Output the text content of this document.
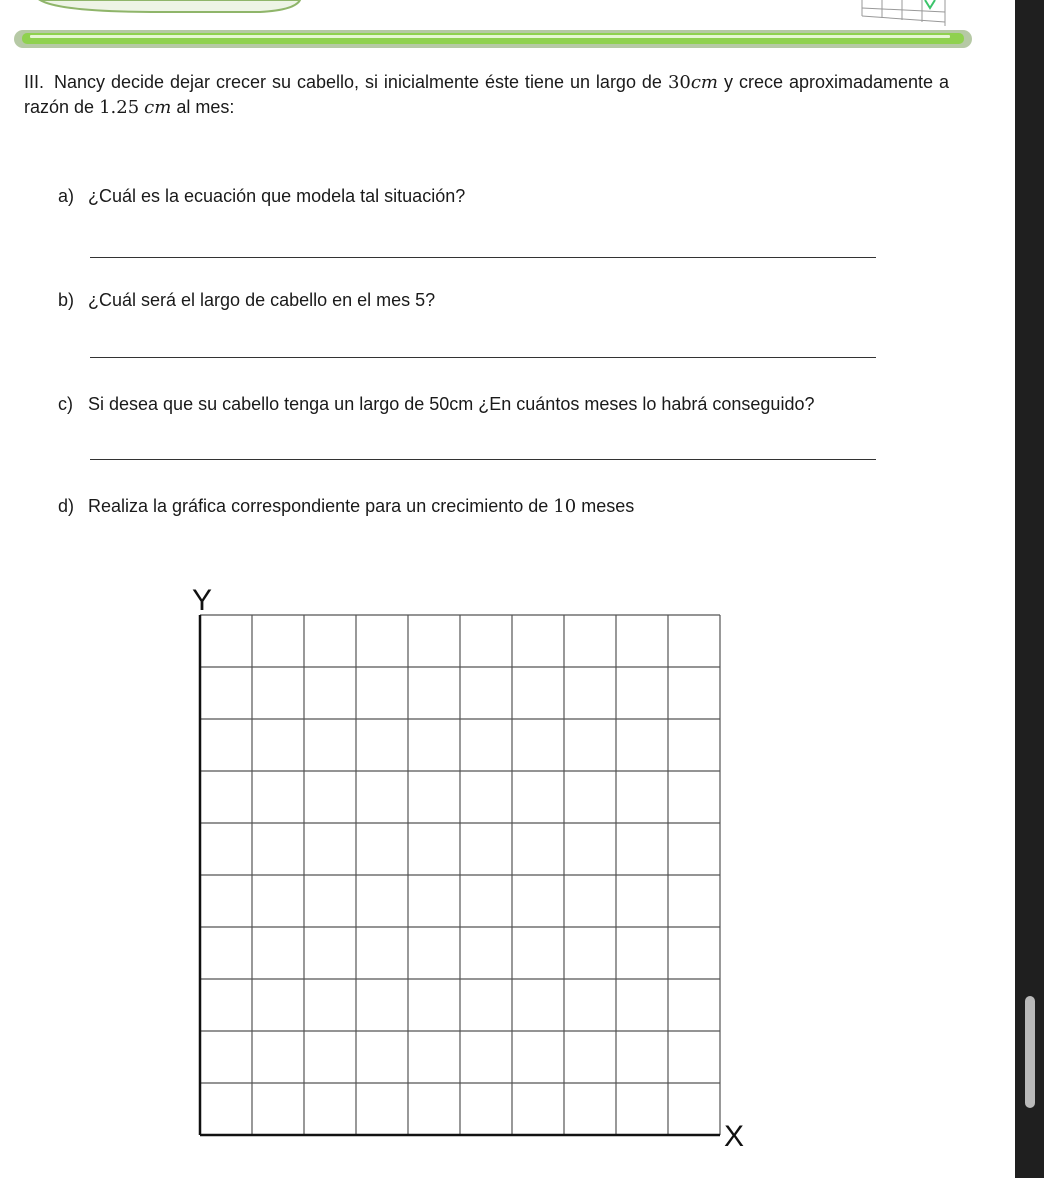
III. Nancy decide dejar crecer su cabello, si inicialmente éste tiene un largo de 30cm y crece aproximadamente a razón de 1.25 cm al mes:
a) ¿Cuál es la ecuación que modela tal situación?
b) ¿Cuál será el largo de cabello en el mes 5?
c) Si desea que su cabello tenga un largo de 50cm ¿En cuántos meses lo habrá conseguido?
d) Realiza la gráfica correspondiente para un crecimiento de 10 meses
Y
X
